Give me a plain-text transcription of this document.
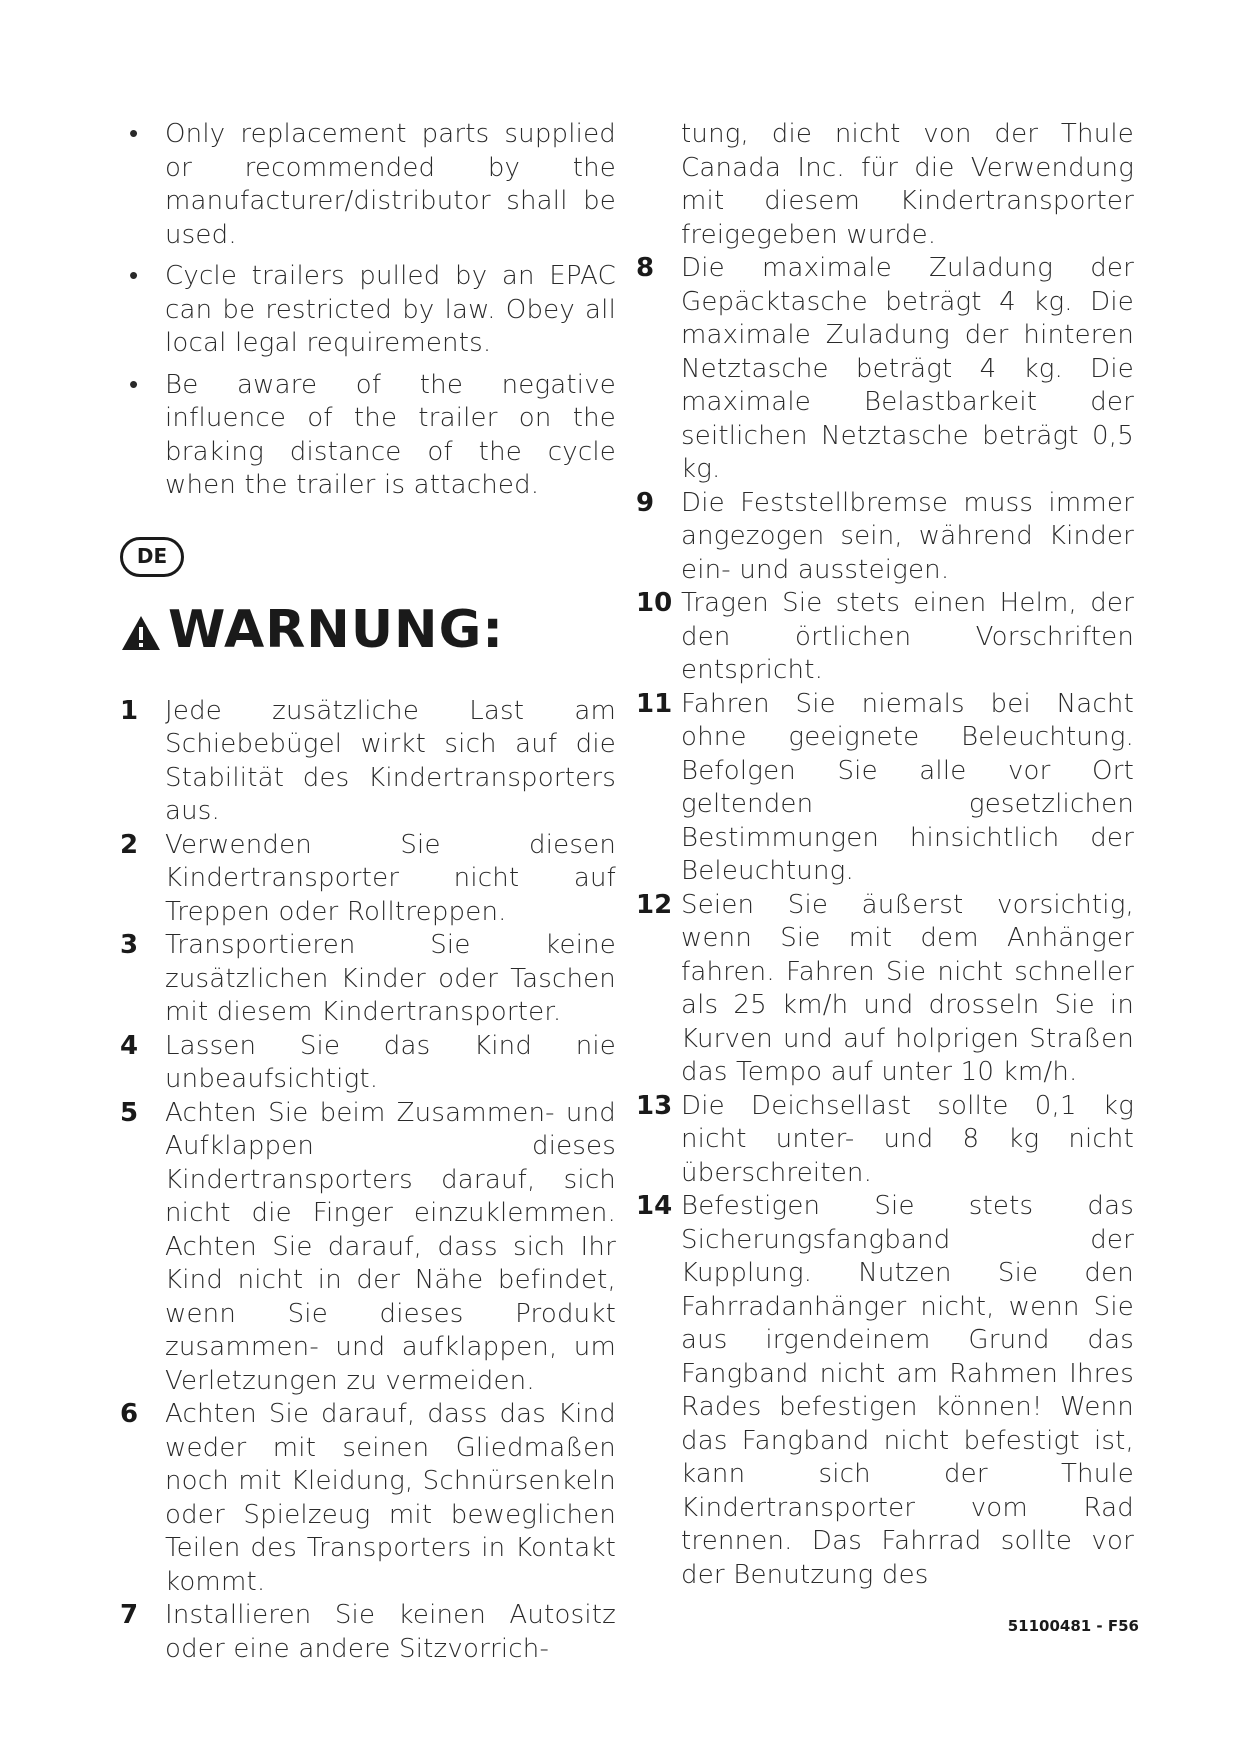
• Only replacement parts supplied or recommended by the manufacturer/distributor shall be used.
• Cycle trailers pulled by an EPAC can be restricted by law. Obey all local legal requirements.
• Be aware of the negative influence of the trailer on the braking distance of the cycle when the trailer is attached.
DE
WARNUNG:
1 Jede zusätzliche Last am Schiebebügel wirkt sich auf die Stabilität des Kindertransporters aus.
2 Verwenden Sie diesen Kindertransporter nicht auf Treppen oder Rolltreppen.
3 Transportieren Sie keine zusätzlichen Kinder oder Taschen mit diesem Kindertransporter.
4 Lassen Sie das Kind nie unbeaufsichtigt.
5 Achten Sie beim Zusammen- und Aufklappen dieses Kindertransporters darauf, sich nicht die Finger einzuklemmen. Achten Sie darauf, dass sich Ihr Kind nicht in der Nähe befindet, wenn Sie dieses Produkt zusammen- und aufklappen, um Verletzungen zu vermeiden.
6 Achten Sie darauf, dass das Kind weder mit seinen Gliedmaßen noch mit Kleidung, Schnürsenkeln oder Spielzeug mit beweglichen Teilen des Transporters in Kontakt kommt.
7 Installieren Sie keinen Autositz oder eine andere Sitzvorrich-
tung, die nicht von der Thule Canada Inc. für die Verwendung mit diesem Kindertransporter freigegeben wurde.
8 Die maximale Zuladung der Gepäcktasche beträgt 4 kg. Die maximale Zuladung der hinteren Netztasche beträgt 4 kg. Die maximale Belastbarkeit der seitlichen Netztasche beträgt 0,5 kg.
9 Die Feststellbremse muss immer angezogen sein, während Kinder ein- und aussteigen.
10 Tragen Sie stets einen Helm, der den örtlichen Vorschriften entspricht.
11 Fahren Sie niemals bei Nacht ohne geeignete Beleuchtung. Befolgen Sie alle vor Ort geltenden gesetzlichen Bestimmungen hinsichtlich der Beleuchtung.
12 Seien Sie äußerst vorsichtig, wenn Sie mit dem Anhänger fahren. Fahren Sie nicht schneller als 25 km/h und drosseln Sie in Kurven und auf holprigen Straßen das Tempo auf unter 10 km/h.
13 Die Deichsellast sollte 0,1 kg nicht unter- und 8 kg nicht überschreiten.
14 Befestigen Sie stets das Sicherungsfangband der Kupplung. Nutzen Sie den Fahrradanhänger nicht, wenn Sie aus irgendeinem Grund das Fangband nicht am Rahmen Ihres Rades befestigen können! Wenn das Fangband nicht befestigt ist, kann sich der Thule Kindertransporter vom Rad trennen. Das Fahrrad sollte vor der Benutzung des
51100481 - F56
